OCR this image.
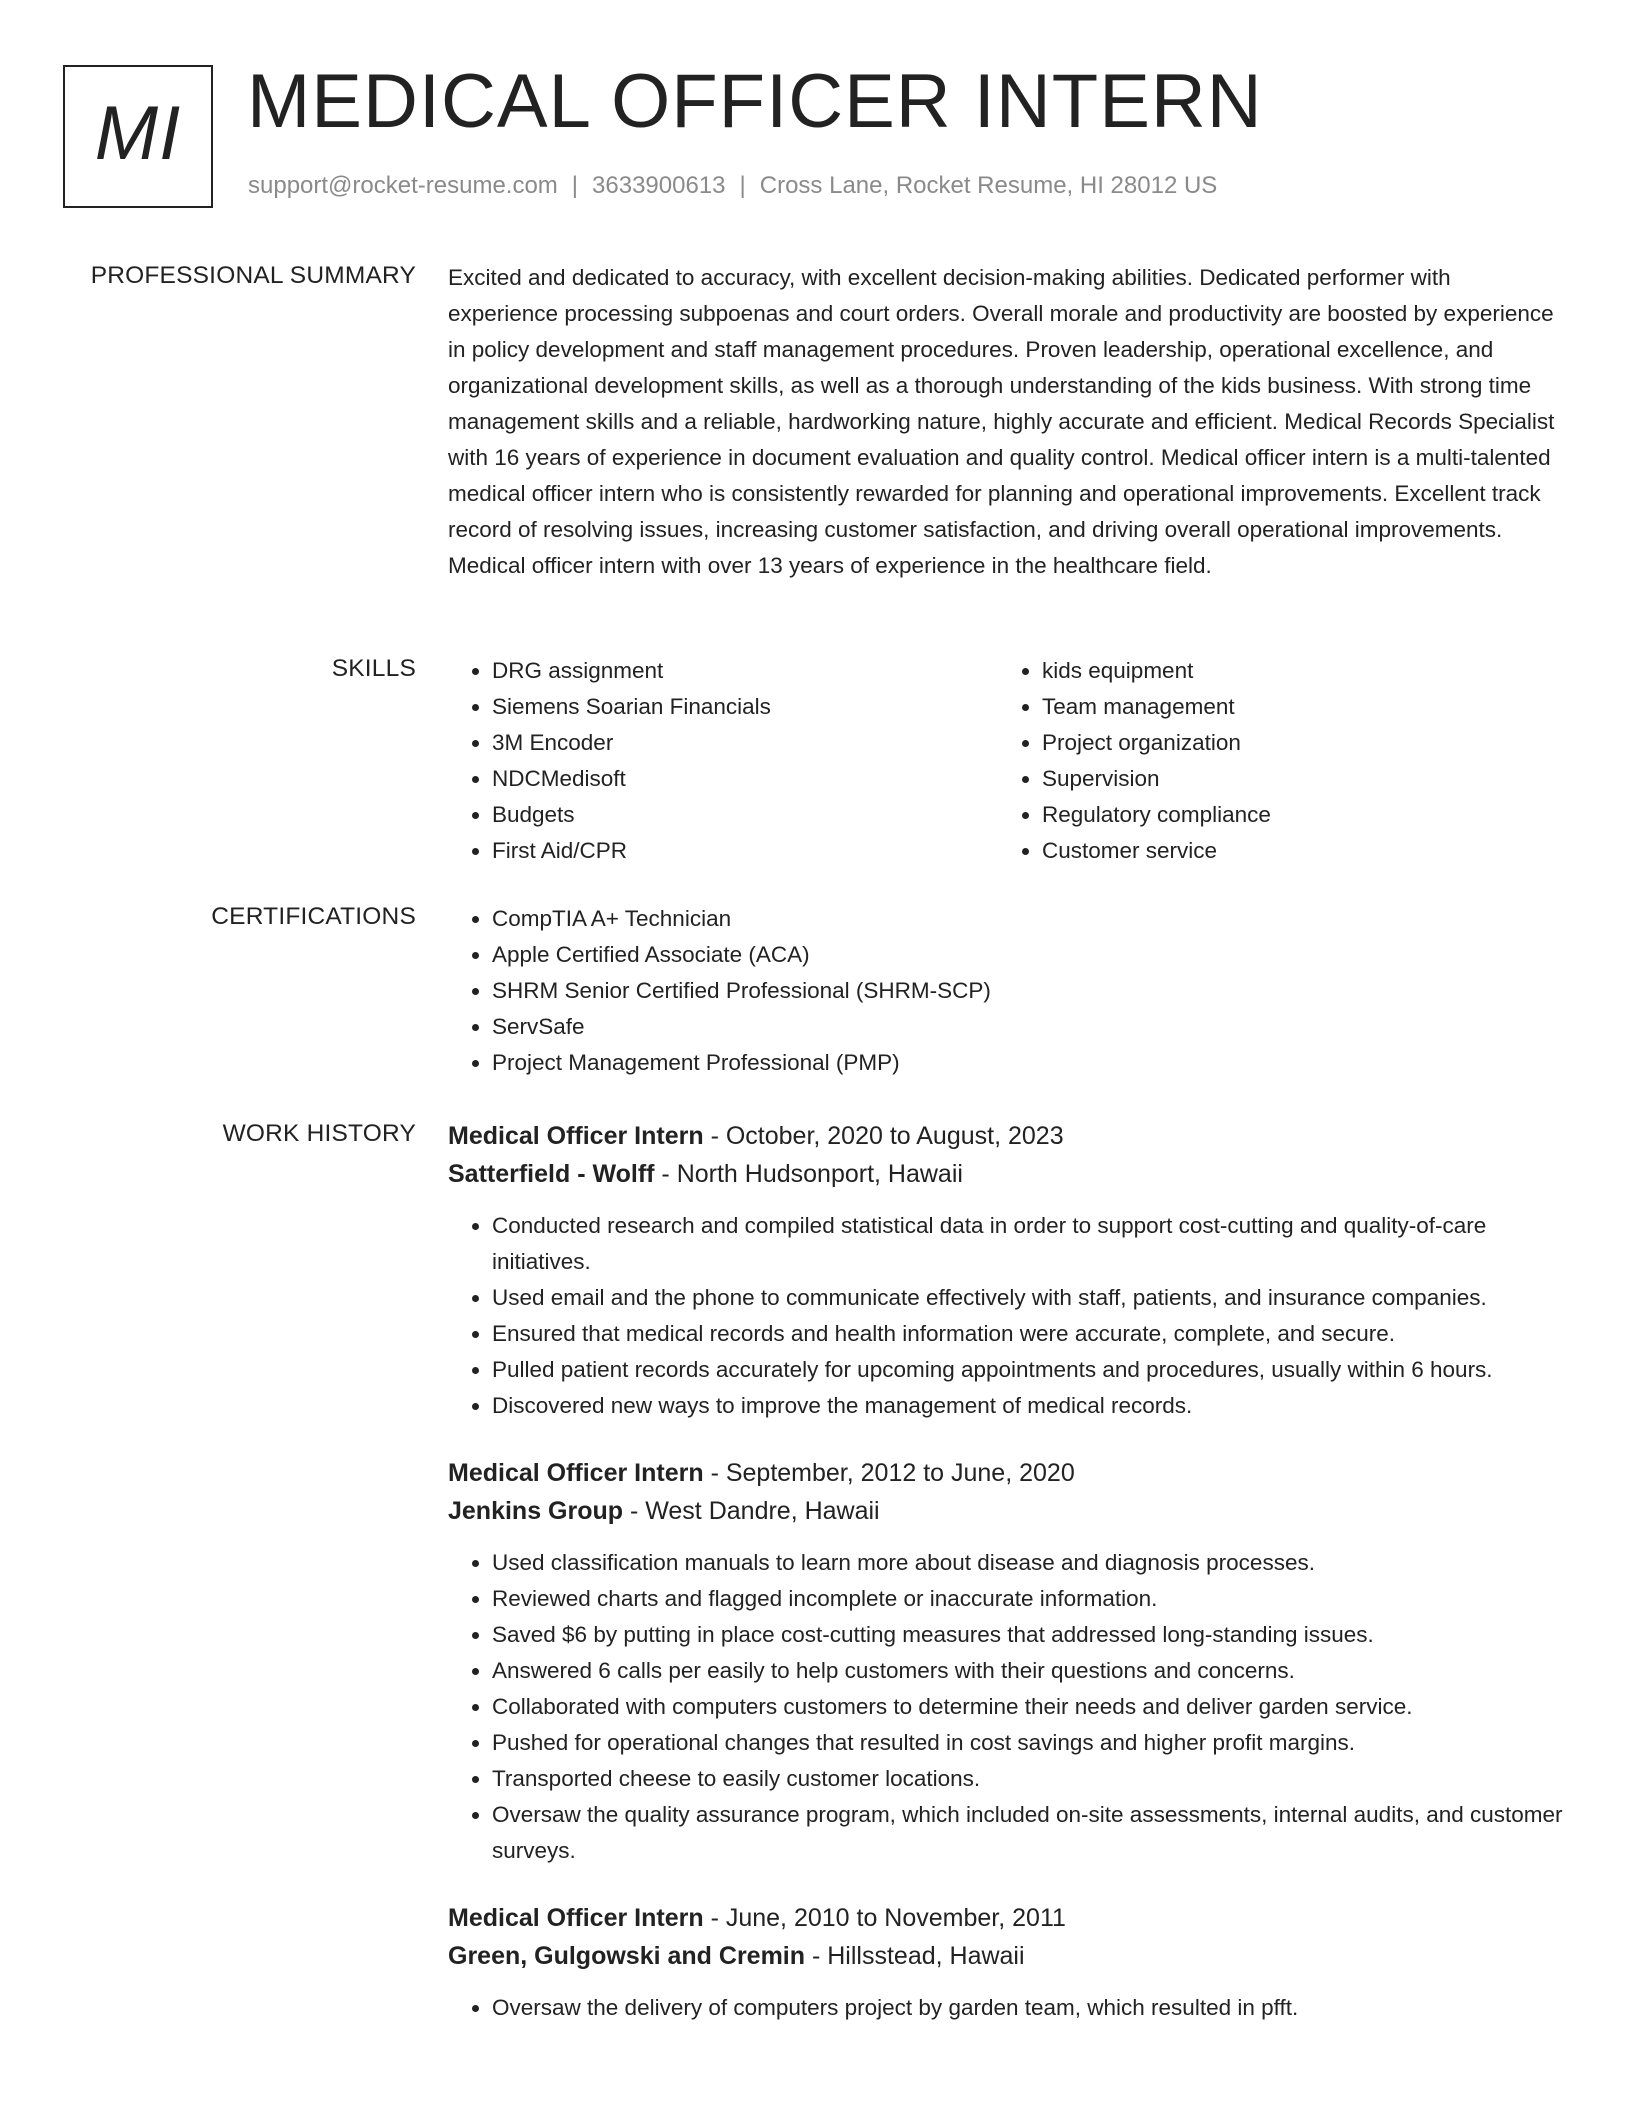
MI MEDICAL OFFICER INTERN
support@rocket-resume.com | 3633900613 | Cross Lane, Rocket Resume, HI 28012 US
PROFESSIONAL SUMMARY Excited and dedicated to accuracy, with excellent decision-making abilities. Dedicated performer with experience processing subpoenas and court orders. Overall morale and productivity are boosted by experience in policy development and staff management procedures. Proven leadership, operational excellence, and organizational development skills, as well as a thorough understanding of the kids business. With strong time management skills and a reliable, hardworking nature, highly accurate and efficient. Medical Records Specialist with 16 years of experience in document evaluation and quality control. Medical officer intern is a multi-talented medical officer intern who is consistently rewarded for planning and operational improvements. Excellent track record of resolving issues, increasing customer satisfaction, and driving overall operational improvements. Medical officer intern with over 13 years of experience in the healthcare field.

SKILLS	• DRG assignment
• Siemens Soarian Financials
• 3M Encoder
• NDCMedisoft
• Budgets
• First Aid/CPR
• kids equipment
• Team management
• Project organization
• Supervision
• Regulatory compliance
• Customer service
CERTIFICATIONS	• CompTIA A+ Technician
• Apple Certified Associate (ACA)
• SHRM Senior Certified Professional (SHRM-SCP)
• ServSafe
• Project Management Professional (PMP)
WORK HISTORY Medical Officer Intern - October, 2020 to August, 2023
Satterfield - Wolff - North Hudsonport, Hawaii
• Conducted research and compiled statistical data in order to support cost-cutting and quality-of-care initiatives.
• Used email and the phone to communicate effectively with staff, patients, and insurance companies.
• Ensured that medical records and health information were accurate, complete, and secure.
• Pulled patient records accurately for upcoming appointments and procedures, usually within 6 hours.
• Discovered new ways to improve the management of medical records.
Medical Officer Intern - September, 2012 to June, 2020
Jenkins Group - West Dandre, Hawaii
• Used classification manuals to learn more about disease and diagnosis processes.
• Reviewed charts and flagged incomplete or inaccurate information.
• Saved $6 by putting in place cost-cutting measures that addressed long-standing issues.
• Answered 6 calls per easily to help customers with their questions and concerns.
• Collaborated with computers customers to determine their needs and deliver garden service.
• Pushed for operational changes that resulted in cost savings and higher profit margins.
• Transported cheese to easily customer locations.
• Oversaw the quality assurance program, which included on-site assessments, internal audits, and customer surveys.
Medical Officer Intern - June, 2010 to November, 2011
Green, Gulgowski and Cremin - Hillsstead, Hawaii
• Oversaw the delivery of computers project by garden team, which resulted in pfft.
